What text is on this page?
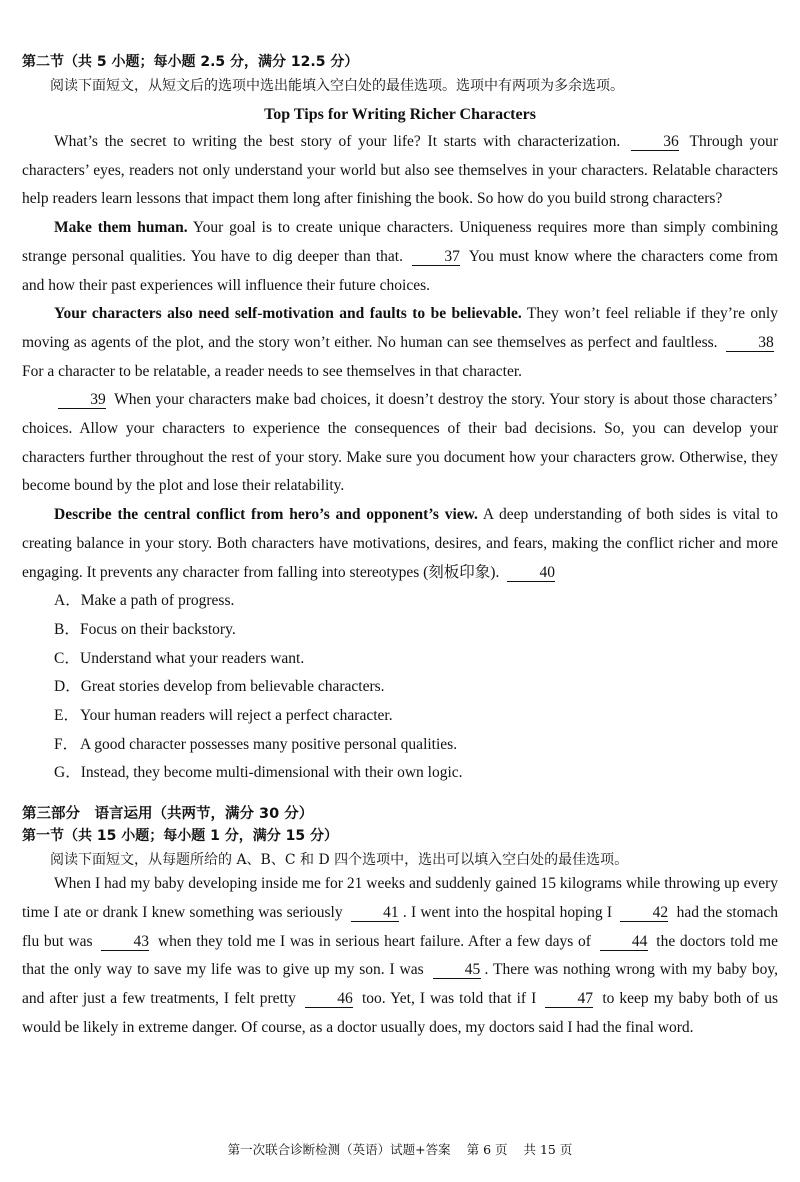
第二节（共 5 小题；每小题 2.5 分，满分 12.5 分）

阅读下面短文，从短文后的选项中选出能填入空白处的最佳选项。选项中有两项为多余选项。

Top Tips for Writing Richer Characters

What’s the secret to writing the best story of your life? It starts with characterization.	36 Through your characters’ eyes, readers not only understand your world but also see themselves in your characters. Relatable characters help readers learn lessons that impact them long after finishing the book. So how do you build strong characters?

Make them human. Your goal is to create unique characters. Uniqueness requires more than simply combining strange personal qualities. You have to dig deeper than that.	37 You must know where the characters come from and how their past experiences will influence their future choices.

Your characters also need self-motivation and faults to be believable. They won’t feel reliable if they’re only moving as agents of the plot, and the story won’t either. No human can see themselves as perfect and faultless.	38 For a character to be relatable, a reader needs to see themselves in that character.

39 When your characters make bad choices, it doesn’t destroy the story. Your story is about those characters’ choices. Allow your characters to experience the consequences of their bad decisions. So, you can develop your characters further throughout the rest of your story. Make sure you document how your characters grow. Otherwise, they become bound by the plot and lose their relatability.

Describe the central conflict from hero’s and opponent’s view. A deep understanding of both sides is vital to creating balance in your story. Both characters have motivations, desires, and fears, making the conflict richer and more engaging. It prevents any character from falling into stereotypes (刻板印象).	40

A．Make a path of progress.
B．Focus on their backstory.
C．Understand what your readers want.
D．Great stories develop from believable characters.
E．Your human readers will reject a perfect character.
F． A good character possesses many positive personal qualities.
G．Instead, they become multi-dimensional with their own logic.

第三部分　语言运用（共两节，满分 30 分）

第一节（共 15 小题；每小题 1 分，满分 15 分）

阅读下面短文，从每题所给的 A、B、C 和 D 四个选项中，选出可以填入空白处的最佳选项。

When I had my baby developing inside me for 21 weeks and suddenly gained 15 kilograms while throwing up every time I ate or drank I knew something was seriously	41 . I went into the hospital hoping I	42 had the stomach flu but was	43 when they told me I was in serious heart failure. After a few days of	44 the doctors told me that the only way to save my life was to give up my son. I was	45 . There was nothing wrong with my baby boy, and after just a few treatments, I felt pretty	46 too. Yet, I was told that if I	47 to keep my baby both of us would be likely in extreme danger. Of course, as a doctor usually does, my doctors said I had the final word.

第一次联合诊断检测（英语）试题+答案 第 6 页 共 15 页
